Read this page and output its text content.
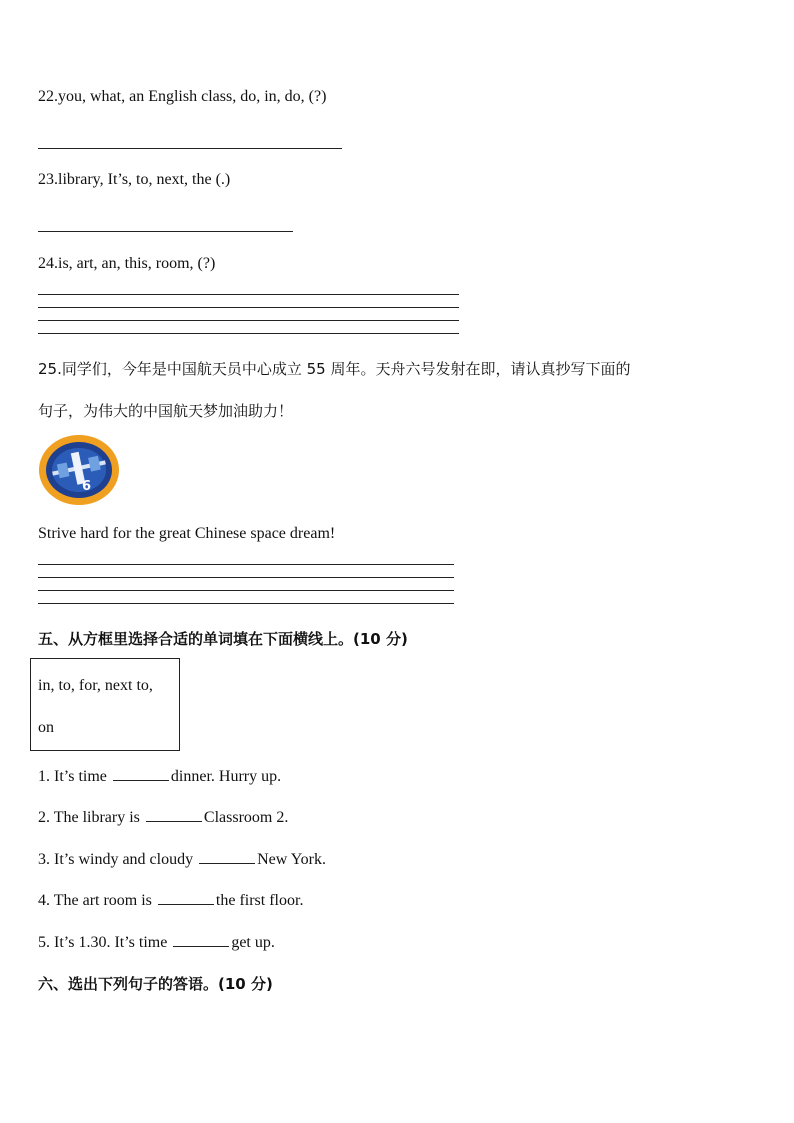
22.you, what, an English class, do, in, do, (?)
23.library, It’s, to, next, the (.)
24.is, art, an, this, room, (?)
25.同学们，今年是中国航天员中心成立 55 周年。天舟六号发射在即，请认真抄写下面的
句子，为伟大的中国航天梦加油助力！
6
Strive hard for the great Chinese space dream!
五、从方框里选择合适的单词填在下面横线上。(10 分)
in, to, for, next to,
on
1. It’s time	dinner. Hurry up.
2. The library is	Classroom 2.
3. It’s windy and cloudy	New York.
4. The art room is	the first floor.
5. It’s 1.30. It’s time	get up.
六、选出下列句子的答语。(10 分)
